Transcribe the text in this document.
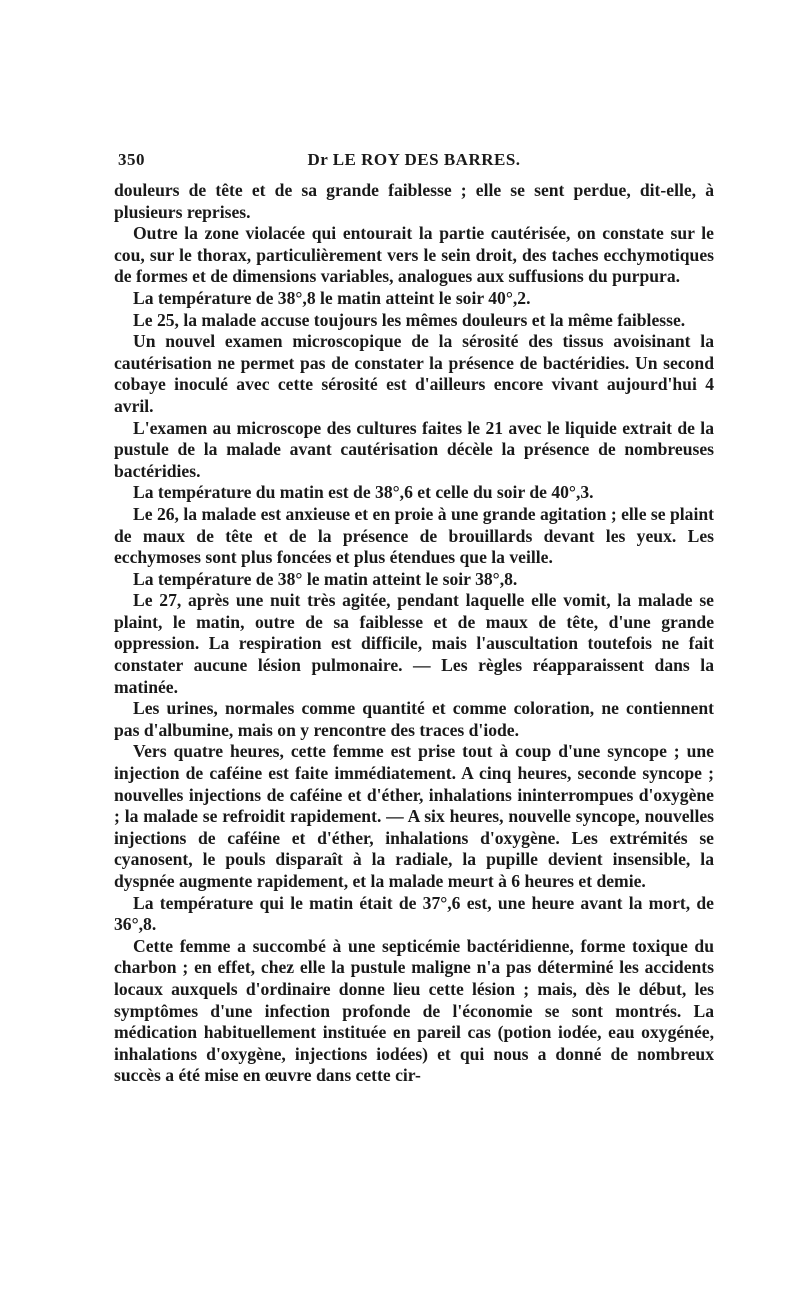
350	Dr LE ROY DES BARRES.

douleurs de tête et de sa grande faiblesse ; elle se sent perdue, dit-elle, à plusieurs reprises.

Outre la zone violacée qui entourait la partie cautérisée, on constate sur le cou, sur le thorax, particulièrement vers le sein droit, des taches ecchymotiques de formes et de dimensions variables, analogues aux suffusions du purpura.

La température de 38°,8 le matin atteint le soir 40°,2.

Le 25, la malade accuse toujours les mêmes douleurs et la même faiblesse.

Un nouvel examen microscopique de la sérosité des tissus avoisinant la cautérisation ne permet pas de constater la présence de bactéridies. Un second cobaye inoculé avec cette sérosité est d'ailleurs encore vivant aujourd'hui 4 avril.

L'examen au microscope des cultures faites le 21 avec le liquide extrait de la pustule de la malade avant cautérisation décèle la présence de nombreuses bactéridies.

La température du matin est de 38°,6 et celle du soir de 40°,3.

Le 26, la malade est anxieuse et en proie à une grande agitation ; elle se plaint de maux de tête et de la présence de brouillards devant les yeux. Les ecchymoses sont plus foncées et plus étendues que la veille.

La température de 38° le matin atteint le soir 38°,8.

Le 27, après une nuit très agitée, pendant laquelle elle vomit, la malade se plaint, le matin, outre de sa faiblesse et de maux de tête, d'une grande oppression. La respiration est difficile, mais l'auscultation toutefois ne fait constater aucune lésion pulmonaire. — Les règles réapparaissent dans la matinée.

Les urines, normales comme quantité et comme coloration, ne contiennent pas d'albumine, mais on y rencontre des traces d'iode.

Vers quatre heures, cette femme est prise tout à coup d'une syncope ; une injection de caféine est faite immédiatement. A cinq heures, seconde syncope ; nouvelles injections de caféine et d'éther, inhalations ininterrompues d'oxygène ; la malade se refroidit rapidement. — A six heures, nouvelle syncope, nouvelles injections de caféine et d'éther, inhalations d'oxygène. Les extrémités se cyanosent, le pouls disparaît à la radiale, la pupille devient insensible, la dyspnée augmente rapidement, et la malade meurt à 6 heures et demie.

La température qui le matin était de 37°,6 est, une heure avant la mort, de 36°,8.

Cette femme a succombé à une septicémie bactéridienne, forme toxique du charbon ; en effet, chez elle la pustule maligne n'a pas déterminé les accidents locaux auxquels d'ordinaire donne lieu cette lésion ; mais, dès le début, les symptômes d'une infection profonde de l'économie se sont montrés. La médication habituellement instituée en pareil cas (potion iodée, eau oxygénée, inhalations d'oxygène, injections iodées) et qui nous a donné de nombreux succès a été mise en œuvre dans cette cir-
